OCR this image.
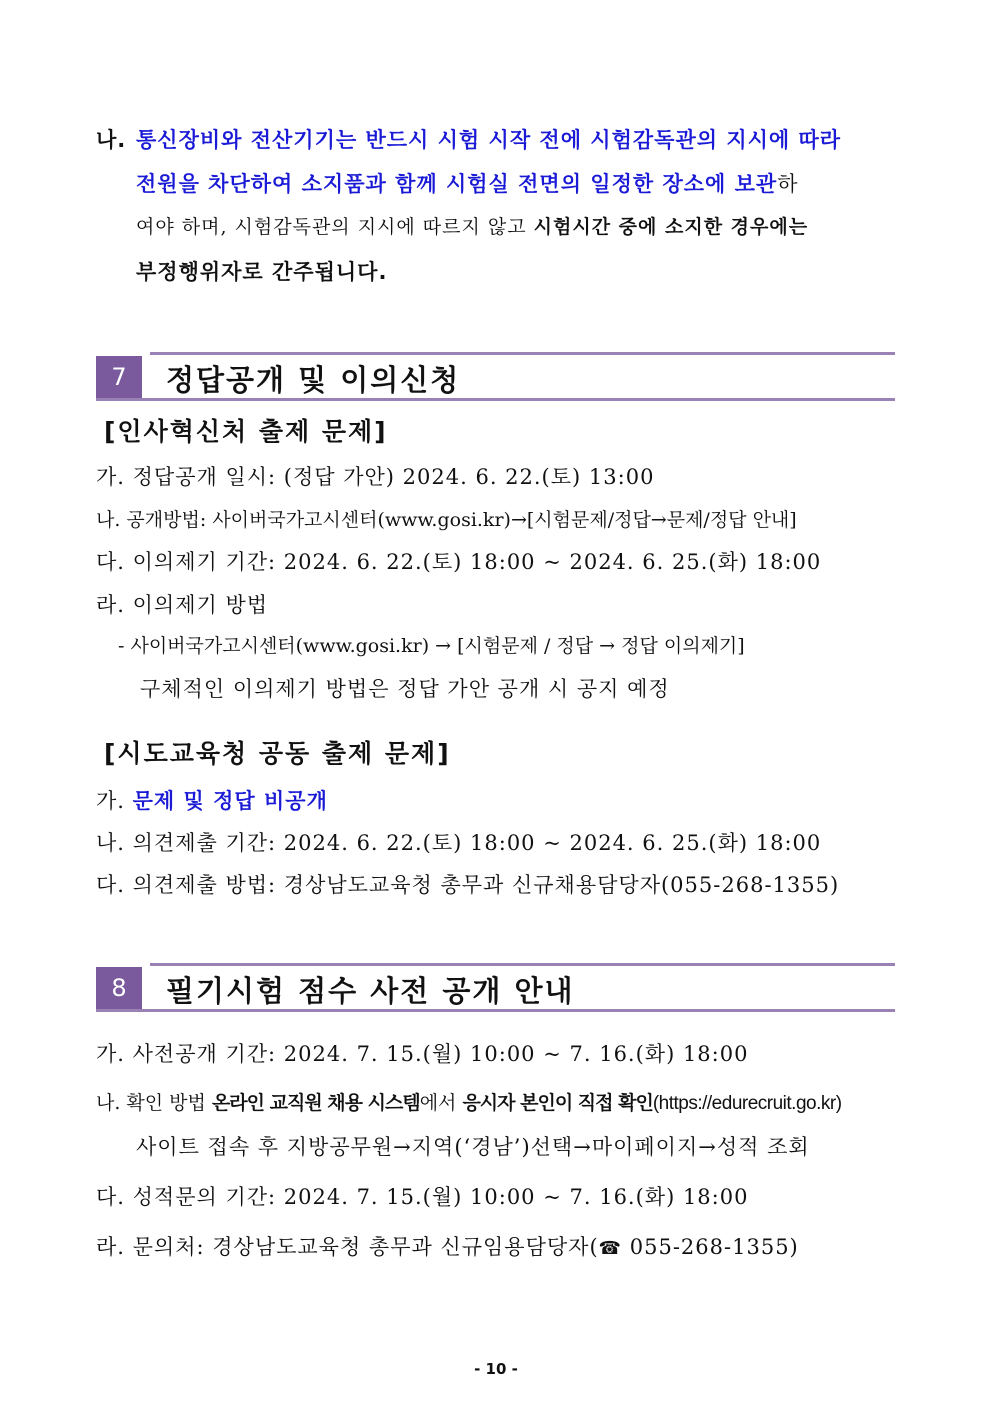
나. 통신장비와 전산기기는 반드시 시험 시작 전에 시험감독관의 지시에 따라
전원을 차단하여 소지품과 함께 시험실 전면의 일정한 장소에 보관하
여야 하며, 시험감독관의 지시에 따르지 않고 시험시간 중에 소지한 경우에는
부정행위자로 간주됩니다.
7	정답공개 및 이의신청
[인사혁신처 출제 문제]
가. 정답공개 일시: (정답 가안) 2024. 6. 22.(토) 13:00
나. 공개방법: 사이버국가고시센터(www.gosi.kr)→[시험문제/정답→문제/정답 안내]
다. 이의제기 기간: 2024. 6. 22.(토) 18:00 ~ 2024. 6. 25.(화) 18:00
라. 이의제기 방법
- 사이버국가고시센터(www.gosi.kr) → [시험문제 / 정답 → 정답 이의제기]
구체적인 이의제기 방법은 정답 가안 공개 시 공지 예정
[시도교육청 공동 출제 문제]
가. 문제 및 정답 비공개
나. 의견제출 기간: 2024. 6. 22.(토) 18:00 ~ 2024. 6. 25.(화) 18:00
다. 의견제출 방법: 경상남도교육청 총무과 신규채용담당자(055-268-1355)
8	필기시험 점수 사전 공개 안내
가. 사전공개 기간: 2024. 7. 15.(월) 10:00 ~ 7. 16.(화) 18:00
나. 확인 방법 온라인 교직원 채용 시스템에서 응시자 본인이 직접 확인(https://edurecruit.go.kr)
사이트 접속 후 지방공무원→지역(‘경남’)선택→마이페이지→성적 조회
다. 성적문의 기간: 2024. 7. 15.(월) 10:00 ~ 7. 16.(화) 18:00
라. 문의처: 경상남도교육청 총무과 신규임용담당자(☎ 055-268-1355)
- 10 -
